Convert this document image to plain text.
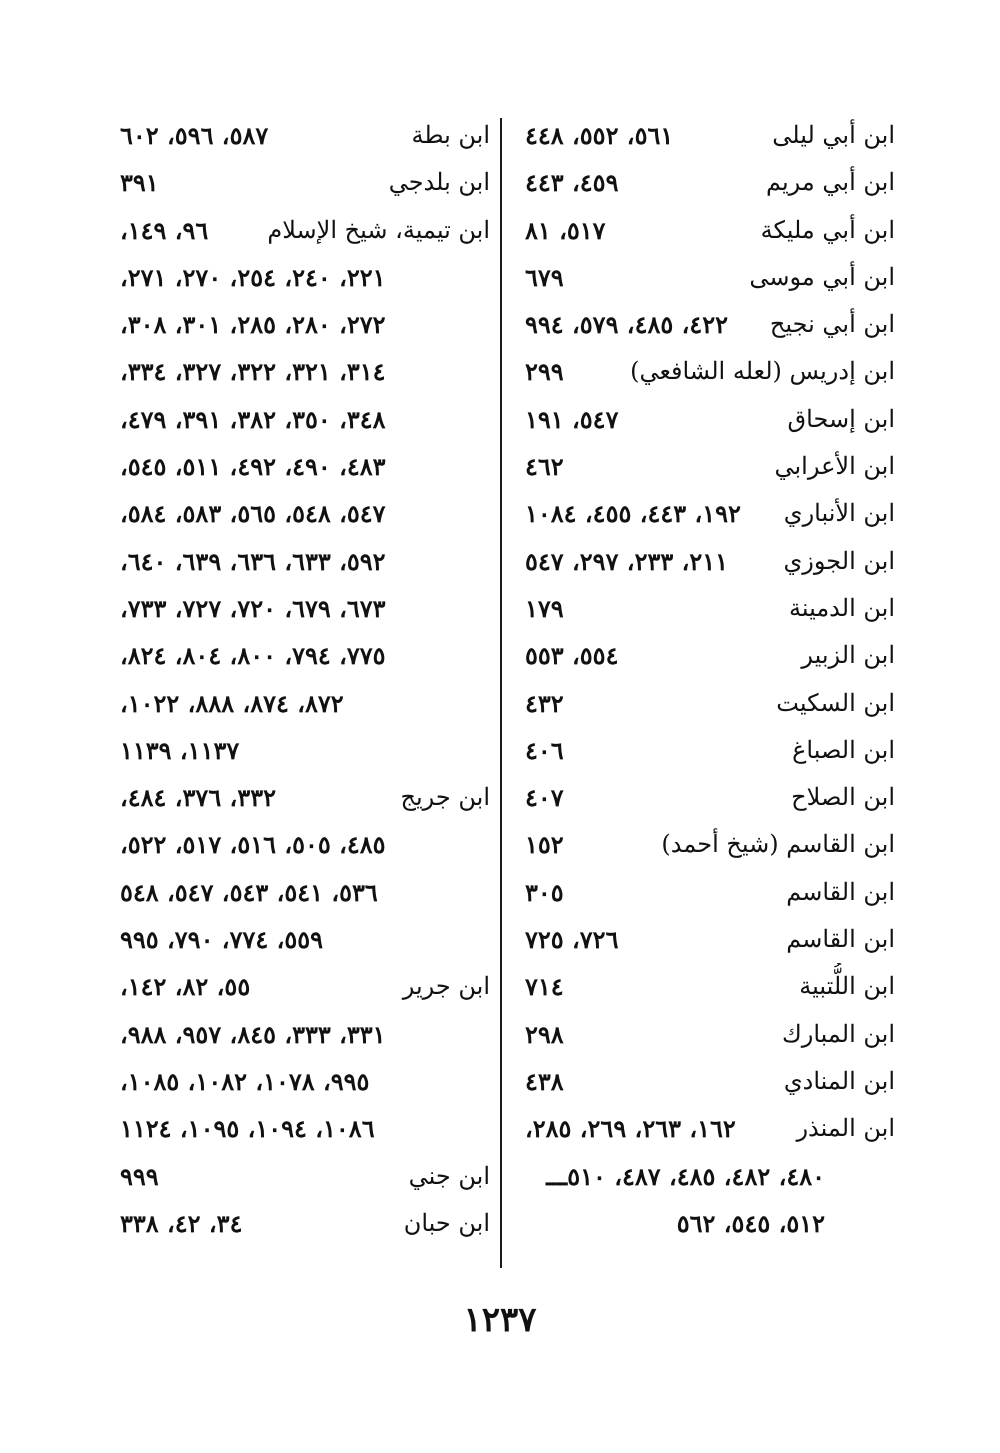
ابن أبي ليلى
٥٦١، ٥٥٢، ٤٤٨
ابن أبي مريم
٤٥٩، ٤٤٣
ابن أبي مليكة
٥١٧، ٨١
ابن أبي موسى
٦٧٩
ابن أبي نجيح
٤٢٢، ٤٨٥، ٥٧٩، ٩٩٤
ابن إدريس (لعله الشافعي)
٢٩٩
ابن إسحاق
٥٤٧، ١٩١
ابن الأعرابي
٤٦٢
ابن الأنباري
١٩٢، ٤٤٣، ٤٥٥، ١٠٨٤
ابن الجوزي
٢١١، ٢٣٣، ٢٩٧، ٥٤٧
ابن الدمينة
١٧٩
ابن الزبير
٥٥٤، ٥٥٣
ابن السكيت
٤٣٢
ابن الصباغ
٤٠٦
ابن الصلاح
٤٠٧
ابن القاسم (شيخ أحمد)
١٥٢
ابن القاسم
٣٠٥
ابن القاسم
٧٢٦، ٧٢٥
ابن اللُّتبية
٧١٤
ابن المبارك
٢٩٨
ابن المنادي
٤٣٨
ابن المنذر
١٦٢، ٢٦٣، ٢٦٩، ٢٨٥،
٤٨٠، ٤٨٢، ٤٨٥، ٤٨٧، ٥١٠ـــ
٥١٢، ٥٤٥، ٥٦٢
ابن بطة
٥٨٧، ٥٩٦، ٦٠٢
ابن بلدجي
٣٩١
ابن تيمية، شيخ الإسلام
٩٦، ١٤٩،
٢٢١، ٢٤٠، ٢٥٤، ٢٧٠، ٢٧١،
٢٧٢، ٢٨٠، ٢٨٥، ٣٠١، ٣٠٨،
٣١٤، ٣٢١، ٣٢٢، ٣٢٧، ٣٣٤،
٣٤٨، ٣٥٠، ٣٨٢، ٣٩١، ٤٧٩،
٤٨٣، ٤٩٠، ٤٩٢، ٥١١، ٥٤٥،
٥٤٧، ٥٤٨، ٥٦٥، ٥٨٣، ٥٨٤،
٥٩٢، ٦٣٣، ٦٣٦، ٦٣٩، ٦٤٠،
٦٧٣، ٦٧٩، ٧٢٠، ٧٢٧، ٧٣٣،
٧٧٥، ٧٩٤، ٨٠٠، ٨٠٤، ٨٢٤،
٨٧٢، ٨٧٤، ٨٨٨، ١٠٢٢،
١١٣٧، ١١٣٩
ابن جريج
٣٣٢، ٣٧٦، ٤٨٤،
٤٨٥، ٥٠٥، ٥١٦، ٥١٧، ٥٢٢،
٥٣٦، ٥٤١، ٥٤٣، ٥٤٧، ٥٤٨
٥٥٩، ٧٧٤، ٧٩٠، ٩٩٥
ابن جرير
٥٥، ٨٢، ١٤٢،
٣٣١، ٣٣٣، ٨٤٥، ٩٥٧، ٩٨٨،
٩٩٥، ١٠٧٨، ١٠٨٢، ١٠٨٥،
١٠٨٦، ١٠٩٤، ١٠٩٥، ١١٢٤
ابن جني
٩٩٩
ابن حبان
٣٤، ٤٢، ٣٣٨
١٢٣٧
